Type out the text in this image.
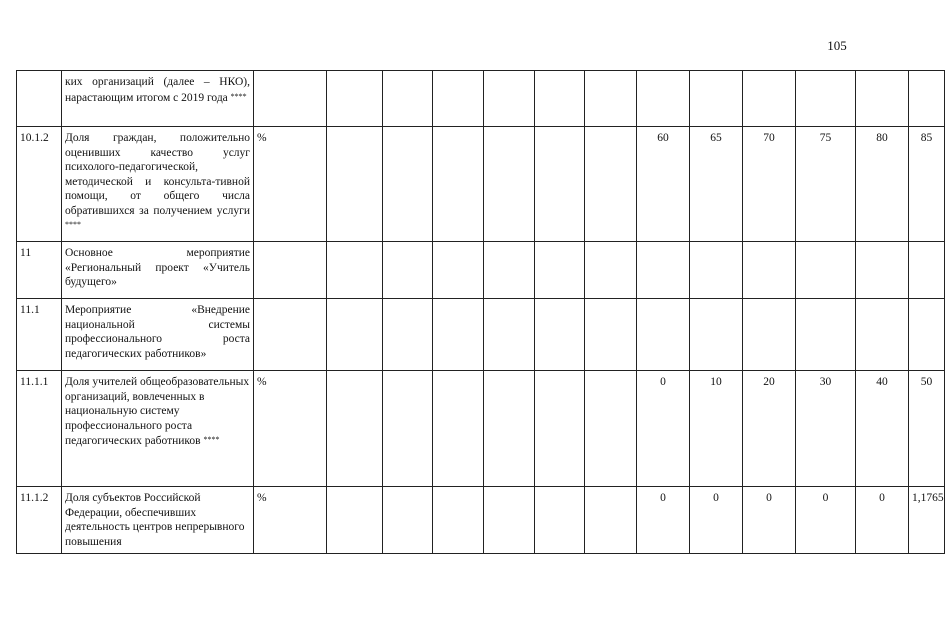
105
	ких организаций (далее – НКО), нарастающим итогом с 2019 года ****													
10.1.2	Доля граждан, положительно оценивших качество услуг психолого-педагогической, методической и консульта-тивной помощи, от общего числа обратившихся за получением услуги ****	%							60	65	70	75	80	85
11	Основное мероприятие «Региональный проект «Учитель будущего»													
11.1	Мероприятие «Внедрение национальной системы профессионального роста педагогических работников»													
11.1.1	Доля учителей общеобразовательных организаций, вовлеченных в национальную систему профессионального роста педагогических работников ****	%							0	10	20	30	40	50
11.1.2	Доля субъектов Российской Федерации, обеспечивших деятельность центров непрерывного повышения	%							0	0	0	0	0	1,1765
